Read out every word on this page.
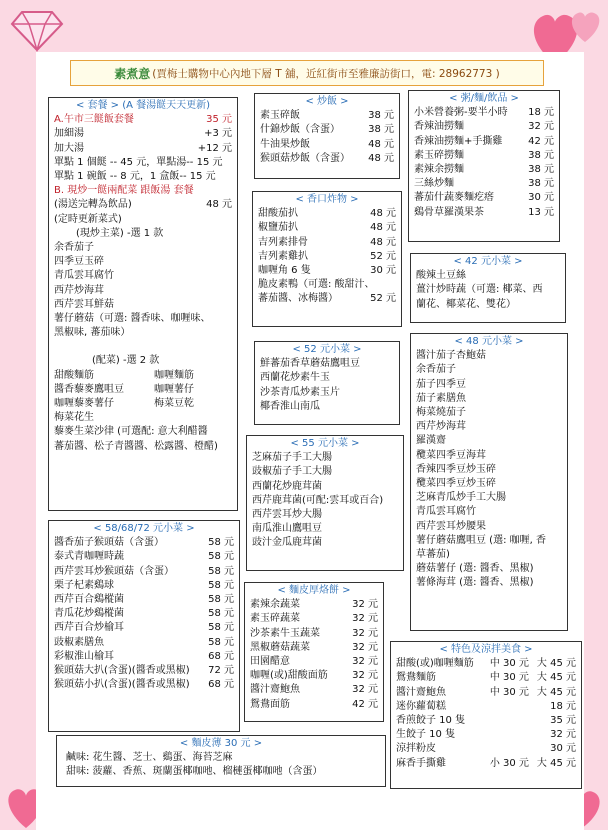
素煮意 (賈梅士購物中心內地下層 T 舖，近紅街市至雅廉訪街口，電: 28962773 )
< 套餐 > (A 餐湯餸天天更新)
A.午市三餸飯套餐	35 元
加細湯	+3 元
加大湯	+12 元
單點 1 個餸 -- 45 元，單點湯-- 15 元
單點 1 碗飯 -- 8 元，1 盒飯-- 15 元
B. 現炒一餸兩配菜 跟飯湯 套餐
(湯送完轉為飲品)	48 元
(定時更新菜式)
(現炒主菜) -選 1 款
余香茄子
四季豆玉碎
青瓜雲耳腐竹
西芹炒海茸
西芹雲耳鮮菇
薯仔蘑菇（可選: 醬香味、咖喱味、
黑椒味, 蕃茄味）
(配菜) -選 2 款
甜酸麵筋	咖喱麵筋
醬香藜麥鷹咀豆	咖喱薯仔
咖喱藜麥薯仔	梅菜豆乾
梅菜花生
藜麥生菜沙律 (可選配: 意大利醋醬
蕃茄醬、松子青醬醬、松露醬、橙醋)
< 炒飯 >
素玉碎飯	38 元
什錦炒飯（含蛋）	38 元
牛油果炒飯	48 元
猴頭菇炒飯（含蛋）	48 元
< 香口炸物 >
甜酸茄扒	48 元
椒鹽茄扒	48 元
吉列素排骨	48 元
吉列素雞扒	52 元
咖喱角 6 隻	30 元
脆皮素鴨（可選: 酸甜汁、
蕃茄醬、冰梅醬）	52 元
< 52 元小菜 >
鮮蕃茄香草蘑菇鷹咀豆
西蘭花炒素牛玉
沙茶青瓜炒素玉片
椰香淮山南瓜
< 55 元小菜 >
芝麻茄子手工大腸
豉椒茄子手工大腸
西蘭花炒鹿茸菌
西芹鹿茸菌(可配:雲耳或百合)
西芹雲耳炒大腸
南瓜淮山鷹咀豆
豉汁金瓜鹿茸菌
< 粥/麵/飲品 >
小米營養粥-要半小時	18 元
香辣油撈麵	32 元
香辣油撈麵+手撕雞	42 元
素玉碎撈麵	38 元
素辣余撈麵	38 元
三絲炒麵	38 元
蕃茄什蔬麥麵疙瘩	30 元
鷄骨草羅漢果茶	13 元
< 42 元小菜 >
酸辣土豆絲
薑汁炒時蔬（可選: 椰菜、西
蘭花、椰菜花、雙花）
< 48 元小菜 >
醬汁茄子杏鮑菇
余香茄子
茄子四季豆
茄子素膳魚
梅菜燒茄子
西芹炒海茸
羅漢齋
欖菜四季豆海茸
香辣四季豆炒玉碎
欖菜四季豆炒玉碎
芝麻青瓜炒手工大腸
青瓜雲耳腐竹
西芹雲耳炒腰果
薯仔蘑菇鷹咀豆 (選: 咖喱, 香
草蕃茄)
蘑菇薯仔 (選: 醬香、黑椒)
薯條海茸 (選: 醬香、黑椒)
< 58/68/72 元小菜 >
醬香茄子猴頭菇（含蛋）	58 元
泰式青咖喱時蔬	58 元
西芹雲耳炒猴頭菇（含蛋）	58 元
栗子杞素鷄球	58 元
西芹百合鷄樅菌	58 元
青瓜花炒鷄樅菌	58 元
西芹百合炒榆耳	58 元
豉椒素膳魚	58 元
彩椒淮山榆耳	68 元
猴頭菇大扒(含蛋)(醬香或黑椒)	72 元
猴頭菇小扒(含蛋)(醬香或黑椒)	68 元
< 麵皮厚烙餅 >
素辣余蔬菜	32 元
素玉碎蔬菜	32 元
沙茶素牛玉蔬菜	32 元
黑椒蘑菇蔬菜	32 元
田園醋意	32 元
咖喱(或)甜酸面筋	32 元
醬汁齋鮑魚	32 元
鴛鴦面筋	42 元
< 特色及涼拌美食 >
甜酸(或)咖喱麵筋 中 30 元 大 45 元
鴛鴦麵筋	中 30 元 大 45 元
醬汁齋鮑魚	中 30 元 大 45 元
迷你蘿蔔糕	18 元
香煎餃子 10 隻	35 元
生餃子 10 隻	32 元
涼拌粉皮	30 元
麻香手撕雞	小 30 元 大 45 元
< 麵皮薄 30 元 >
鹹味: 花生醬、芝士、鷄蛋、海苔芝麻
甜味: 菠蘿、香蕉、斑蘭蛋椰咖吔、榴槤蛋椰咖吔（含蛋）
